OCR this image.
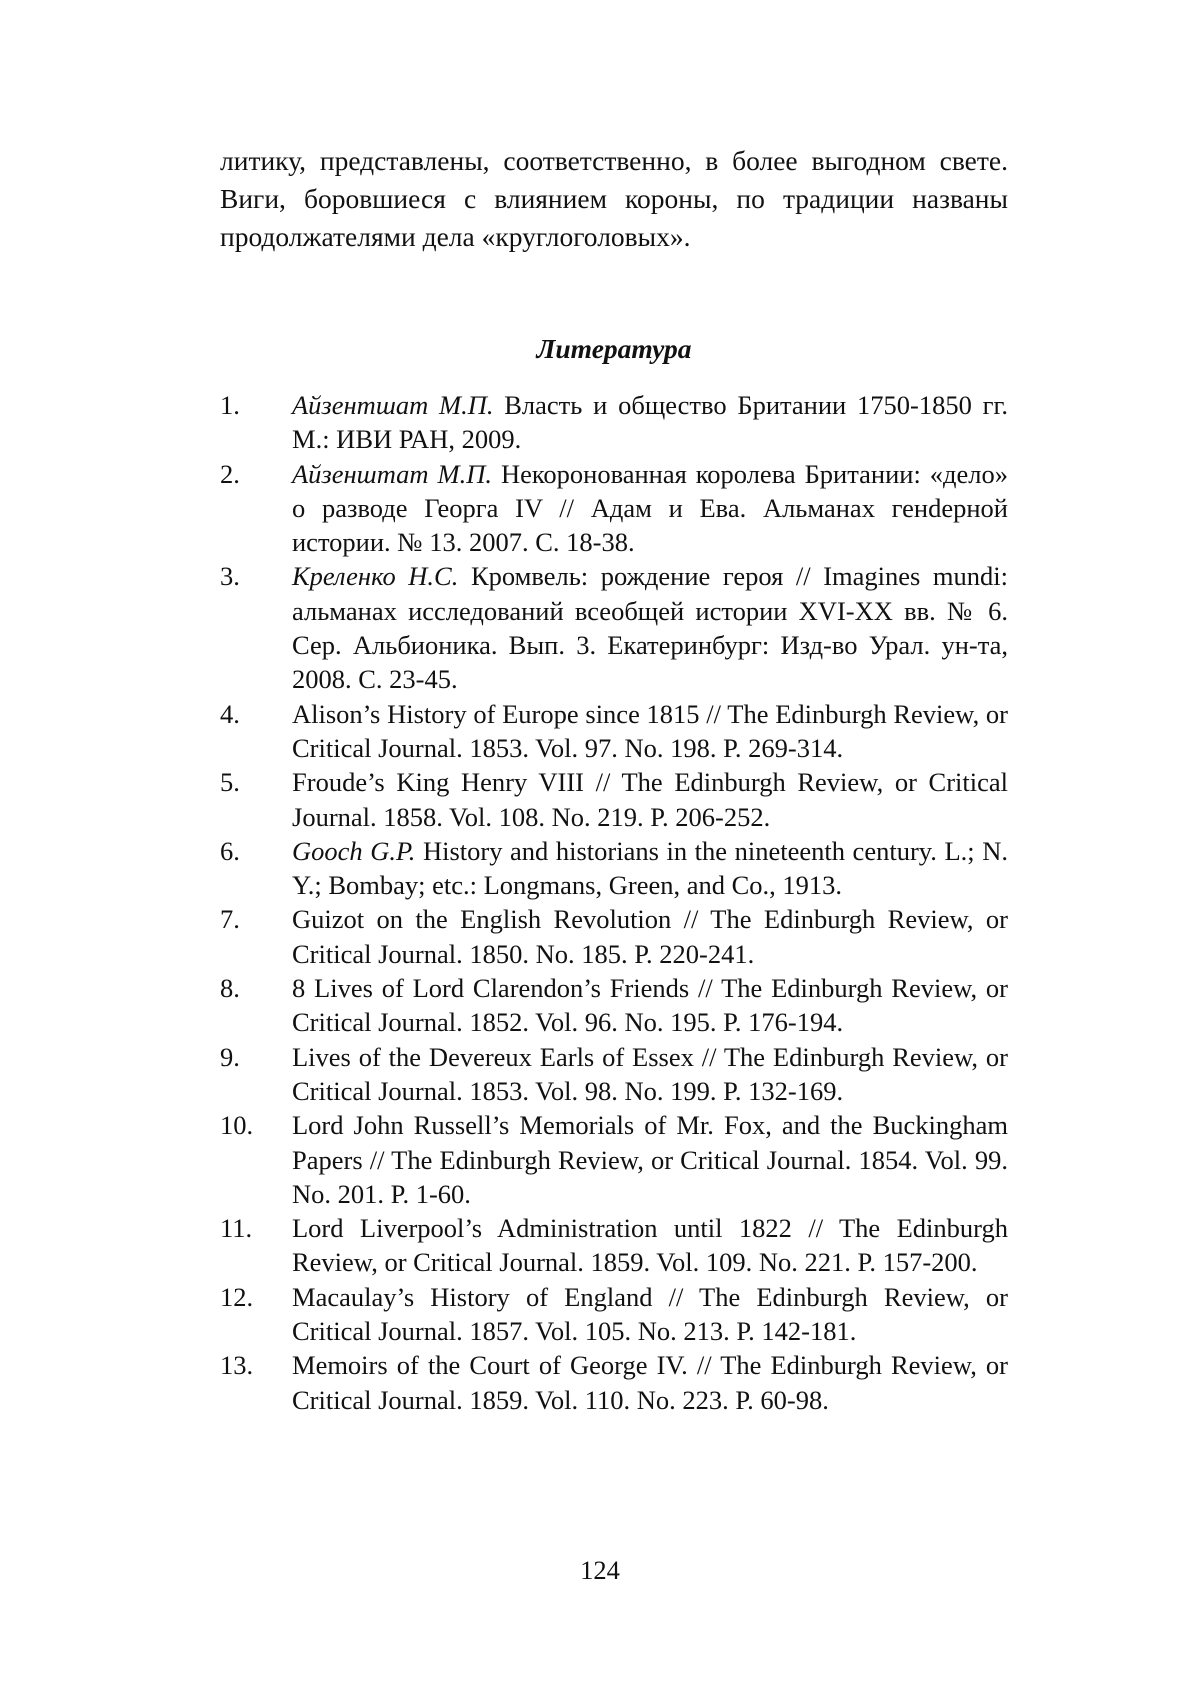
литику, представлены, соответственно, в более выгодном свете. Виги, боровшиеся с влиянием короны, по традиции названы продолжателями дела «круглоголовых».

Литература
1.	Айзентшат М.П. Власть и общество Британии 1750-1850 гг. М.: ИВИ РАН, 2009.
2.	Айзенштат М.П. Некоронованная королева Британии: «дело» о разводе Георга IV // Адам и Ева. Альманах генdерной истории. № 13. 2007. С. 18-38.
3.	Креленко Н.С. Кромвель: рождение героя // Imagines mundi: альманах исследований всеобщей истории XVI-XX вв. № 6. Сер. Альбионика. Вып. 3. Екатеринбург: Изд-во Урал. ун-та, 2008. С. 23-45.
4.	Alison’s History of Europe since 1815 // The Edinburgh Review, or Critical Journal. 1853. Vol. 97. No. 198. P. 269-314.
5.	Froude’s King Henry VIII // The Edinburgh Review, or Critical Journal. 1858. Vol. 108. No. 219. P. 206-252.
6.	Gooch G.P. History and historians in the nineteenth century. L.; N. Y.; Bombay; etc.: Longmans, Green, and Co., 1913.
7.	Guizot on the English Revolution // The Edinburgh Review, or Critical Journal. 1850. No. 185. P. 220-241.
8.	8 Lives of Lord Clarendon’s Friends // The Edinburgh Review, or Critical Journal. 1852. Vol. 96. No. 195. P. 176-194.
9.	Lives of the Devereux Earls of Essex // The Edinburgh Review, or Critical Journal. 1853. Vol. 98. No. 199. P. 132-169.
10.	Lord John Russell’s Memorials of Mr. Fox, and the Buckingham Papers // The Edinburgh Review, or Critical Journal. 1854. Vol. 99. No. 201. P. 1-60.
11.	Lord Liverpool’s Administration until 1822 // The Edinburgh Review, or Critical Journal. 1859. Vol. 109. No. 221. P. 157-200.
12.	Macaulay’s History of England // The Edinburgh Review, or Critical Journal. 1857. Vol. 105. No. 213. P. 142-181.
13.	Memoirs of the Court of George IV. // The Edinburgh Review, or Critical Journal. 1859. Vol. 110. No. 223. P. 60-98.
124
